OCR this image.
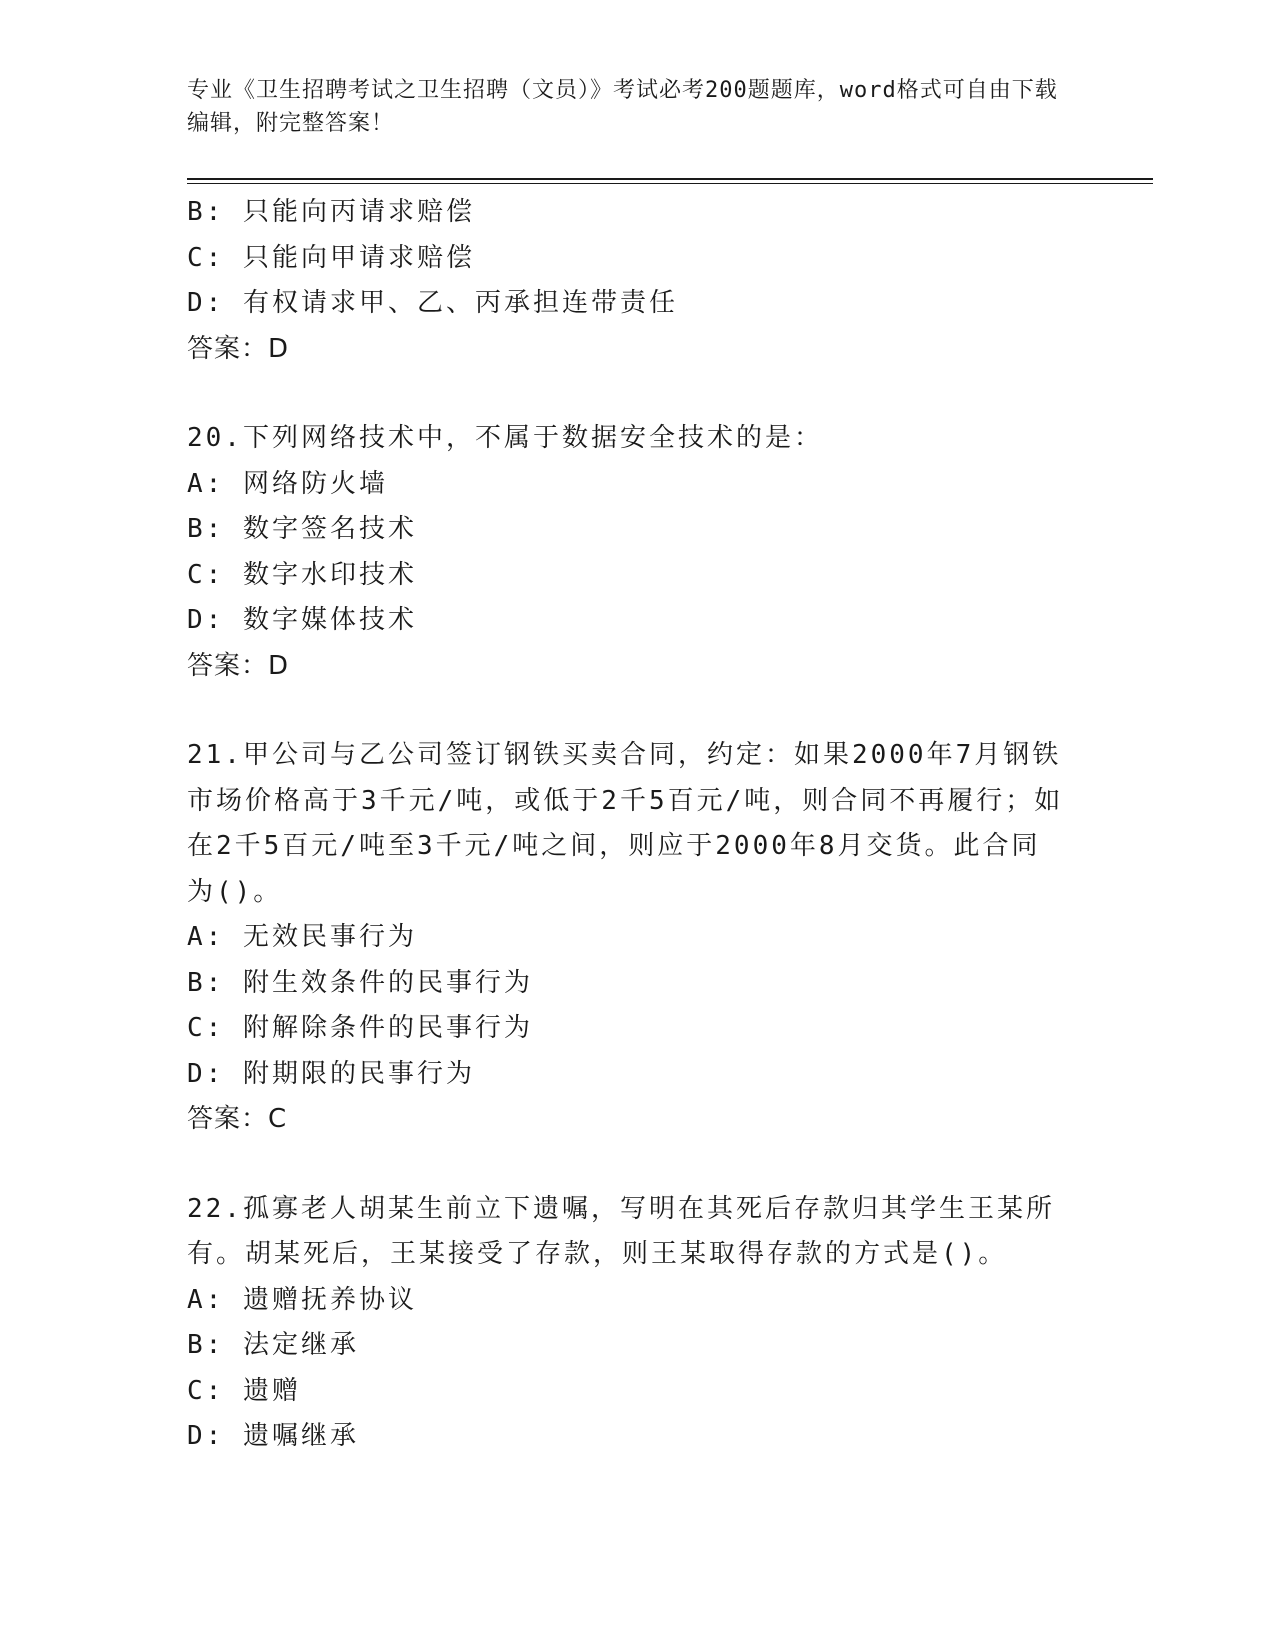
专业《卫生招聘考试之卫生招聘（文员）》考试必考200题题库，word格式可自由下载编辑，附完整答案！
B: 只能向丙请求赔偿
C: 只能向甲请求赔偿
D: 有权请求甲、乙、丙承担连带责任
答案：D
20.下列网络技术中，不属于数据安全技术的是：
A: 网络防火墙
B: 数字签名技术
C: 数字水印技术
D: 数字媒体技术
答案：D
21.甲公司与乙公司签订钢铁买卖合同，约定：如果2000年7月钢铁市场价格高于3千元/吨，或低于2千5百元/吨，则合同不再履行；如在2千5百元/吨至3千元/吨之间，则应于2000年8月交货。此合同为()。
A: 无效民事行为
B: 附生效条件的民事行为
C: 附解除条件的民事行为
D: 附期限的民事行为
答案：C
22.孤寡老人胡某生前立下遗嘱，写明在其死后存款归其学生王某所有。胡某死后，王某接受了存款，则王某取得存款的方式是()。
A: 遗赠抚养协议
B: 法定继承
C: 遗赠
D: 遗嘱继承
